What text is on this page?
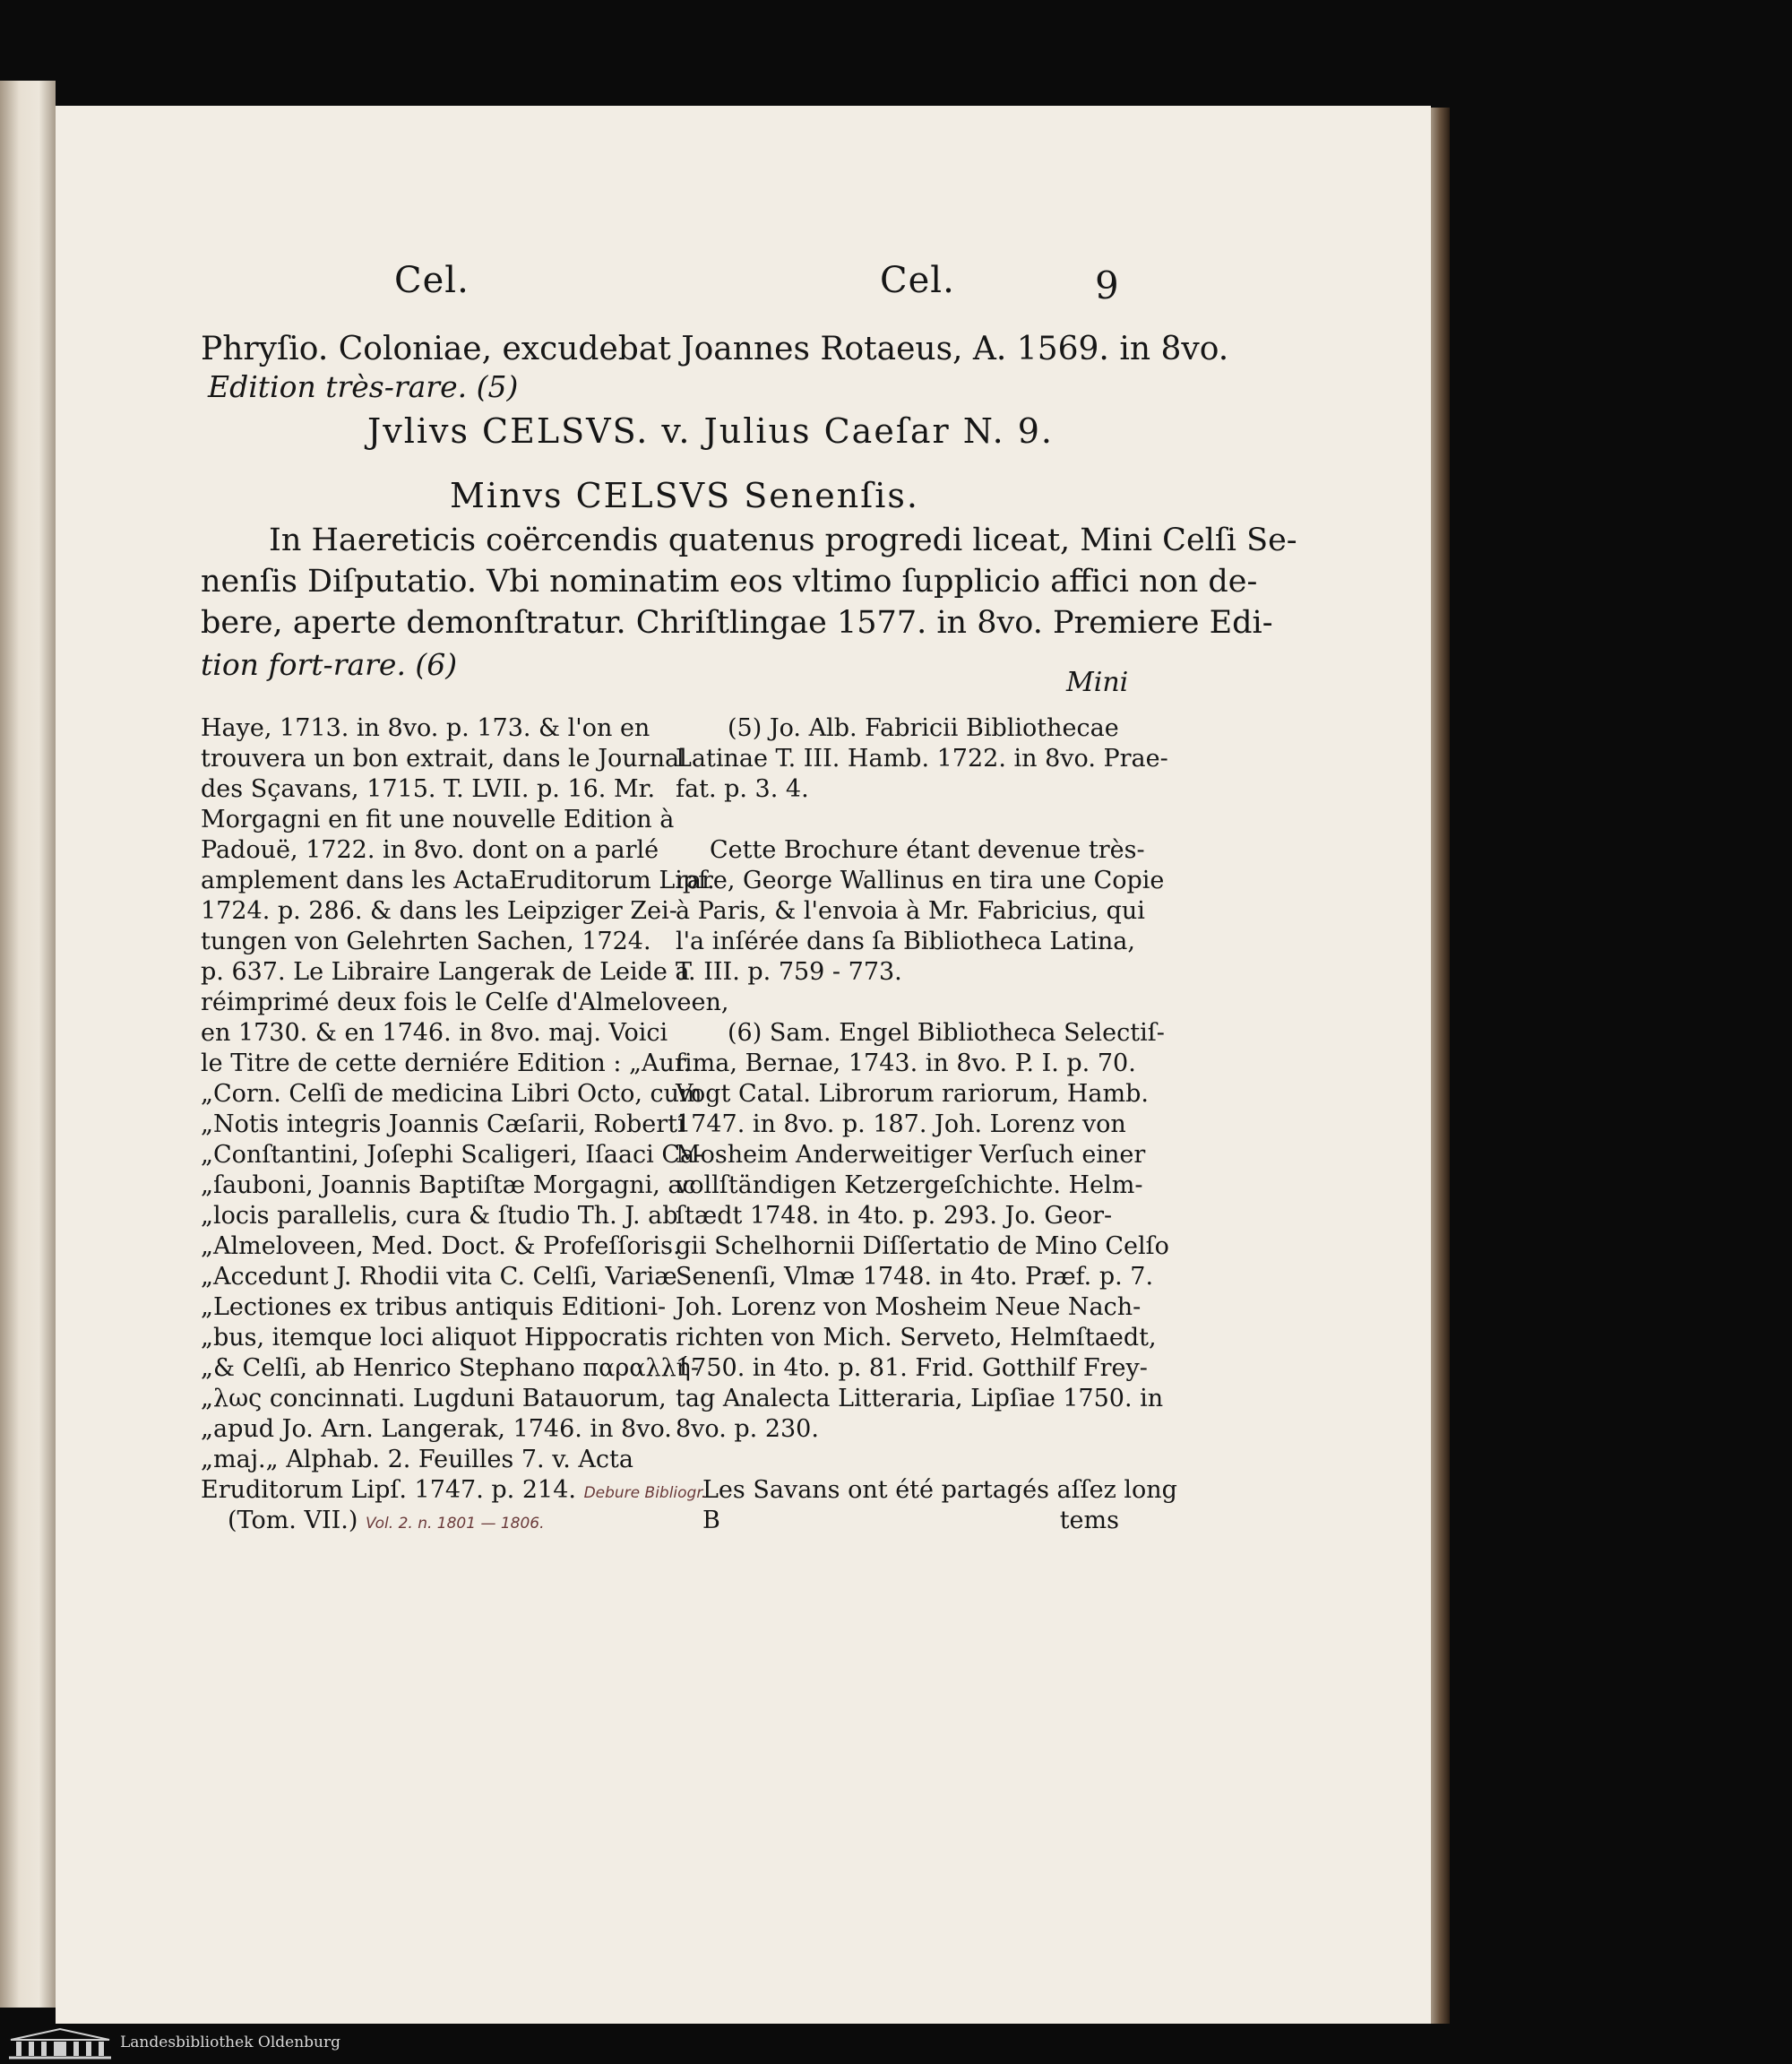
Cel.	Cel.	9
Phryſio. Coloniae, excudebat Joannes Rotaeus, A. 1569. in 8vo.
Edition très-rare. (5)
Jvlivs CELSVS. v. Julius Caeſar N. 9.
Minvs CELSVS Senenſis.
In Haereticis coërcendis quatenus progredi liceat, Mini Celſi Se-
nenſis Diſputatio. Vbi nominatim eos vltimo ſupplicio affici non de-
bere, aperte demonſtratur. Chriſtlingae 1577. in 8vo. Premiere Edi-
tion fort-rare. (6)
Mini
Haye, 1713. in 8vo. p. 173. & l'on en
trouvera un bon extrait, dans le Journal
des Sçavans, 1715. T. LVII. p. 16. Mr.
Morgagni en fit une nouvelle Edition à
Padouë, 1722. in 8vo. dont on a parlé
amplement dans les ActaEruditorum Lipſ.
1724. p. 286. & dans les Leipziger Zei-
tungen von Gelehrten Sachen, 1724.
p. 637. Le Libraire Langerak de Leide a
réimprimé deux fois le Celſe d'Almeloveen,
en 1730. & en 1746. in 8vo. maj. Voici
le Titre de cette derniére Edition : „Aur.
„Corn. Celſi de medicina Libri Octo, cum
„Notis integris Joannis Cæſarii, Roberti
„Conſtantini, Joſephi Scaligeri, Iſaaci Ca-
„ſauboni, Joannis Baptiſtæ Morgagni, ac
„locis parallelis, cura & ſtudio Th. J. ab
„Almeloveen, Med. Doct. & Profeſſoris.
„Accedunt J. Rhodii vita C. Celſi, Variæ
„Lectiones ex tribus antiquis Editioni-
„bus, itemque loci aliquot Hippocratis
„& Celſi, ab Henrico Stephano παραλλή-
„λως concinnati. Lugduni Batauorum,
„apud Jo. Arn. Langerak, 1746. in 8vo.
„maj.„ Alphab. 2. Feuilles 7. v. Acta
Eruditorum Lipſ. 1747. p. 214. Debure Bibliogr.
(Tom. VII.) Vol. 2. n. 1801 — 1806.
(5) Jo. Alb. Fabricii Bibliothecae
Latinae T. III. Hamb. 1722. in 8vo. Prae-
fat. p. 3. 4.
Cette Brochure étant devenue très-
rare, George Wallinus en tira une Copie
à Paris, & l'envoia à Mr. Fabricius, qui
l'a inſérée dans ſa Bibliotheca Latina,
T. III. p. 759 - 773.
(6) Sam. Engel Bibliotheca Selectiſ-
ſima, Bernae, 1743. in 8vo. P. I. p. 70.
Vogt Catal. Librorum rariorum, Hamb.
1747. in 8vo. p. 187. Joh. Lorenz von
Mosheim Anderweitiger Verſuch einer
vollſtändigen Ketzergeſchichte. Helm-
ſtædt 1748. in 4to. p. 293. Jo. Geor-
gii Schelhornii Diſſertatio de Mino Celſo
Senenſi, Vlmæ 1748. in 4to. Præf. p. 7.
Joh. Lorenz von Mosheim Neue Nach-
richten von Mich. Serveto, Helmſtaedt,
1750. in 4to. p. 81. Frid. Gotthilf Frey-
tag Analecta Litteraria, Lipſiae 1750. in
8vo. p. 230.
Les Savans ont été partagés aſſez long
B	tems
Landesbibliothek Oldenburg
